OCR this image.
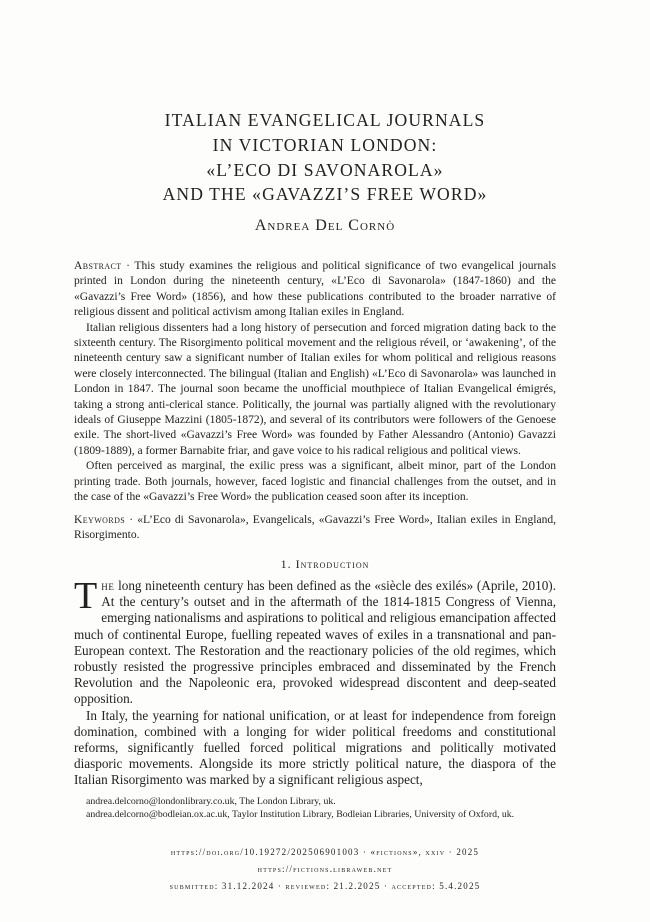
ITALIAN EVANGELICAL JOURNALS
IN VICTORIAN LONDON:
«L’ECO DI SAVONAROLA»
AND THE «GAVAZZI’S FREE WORD»
Andrea Del Cornò

Abstract · This study examines the religious and political significance of two evangelical journals printed in London during the nineteenth century, «L’Eco di Savonarola» (1847-1860) and the «Gavazzi’s Free Word» (1856), and how these publications contributed to the broader narrative of religious dissent and political activism among Italian exiles in England.

Italian religious dissenters had a long history of persecution and forced migration dating back to the sixteenth century. The Risorgimento political movement and the religious réveil, or ‘awakening’, of the nineteenth century saw a significant number of Italian exiles for whom political and religious reasons were closely interconnected. The bilingual (Italian and English) «L’Eco di Savonarola» was launched in London in 1847. The journal soon became the unofficial mouthpiece of Italian Evangelical émigrés, taking a strong anti-clerical stance. Politically, the journal was partially aligned with the revolutionary ideals of Giuseppe Mazzini (1805-1872), and several of its contributors were followers of the Genoese exile. The short-lived «Gavazzi’s Free Word» was founded by Father Alessandro (Antonio) Gavazzi (1809-1889), a former Barnabite friar, and gave voice to his radical religious and political views.

Often perceived as marginal, the exilic press was a significant, albeit minor, part of the London printing trade. Both journals, however, faced logistic and financial challenges from the outset, and in the case of the «Gavazzi’s Free Word» the publication ceased soon after its inception.

Keywords · «L’Eco di Savonarola», Evangelicals, «Gavazzi’s Free Word», Italian exiles in England, Risorgimento.

1. Introduction

The long nineteenth century has been defined as the «siècle des exilés» (Aprile, 2010). At the century’s outset and in the aftermath of the 1814-1815 Congress of Vienna, emerging nationalisms and aspirations to political and religious emancipation affected much of continental Europe, fuelling repeated waves of exiles in a transnational and pan-European context. The Restoration and the reactionary policies of the old regimes, which robustly resisted the progressive principles embraced and disseminated by the French Revolution and the Napoleonic era, provoked widespread discontent and deep-seated opposition.

In Italy, the yearning for national unification, or at least for independence from foreign domination, combined with a longing for wider political freedoms and constitutional reforms, significantly fuelled forced political migrations and politically motivated diasporic movements. Alongside its more strictly political nature, the diaspora of the Italian Risorgimento was marked by a significant religious aspect,

andrea.delcorno@londonlibrary.co.uk, The London Library, uk.

andrea.delcorno@bodleian.ox.ac.uk, Taylor Institution Library, Bodleian Libraries, University of Oxford, uk.

https://doi.org/10.19272/202506901003 · «fictions», xxiv · 2025
https://fictions.libraweb.net
submitted: 31.12.2024 · reviewed: 21.2.2025 · accepted: 5.4.2025
